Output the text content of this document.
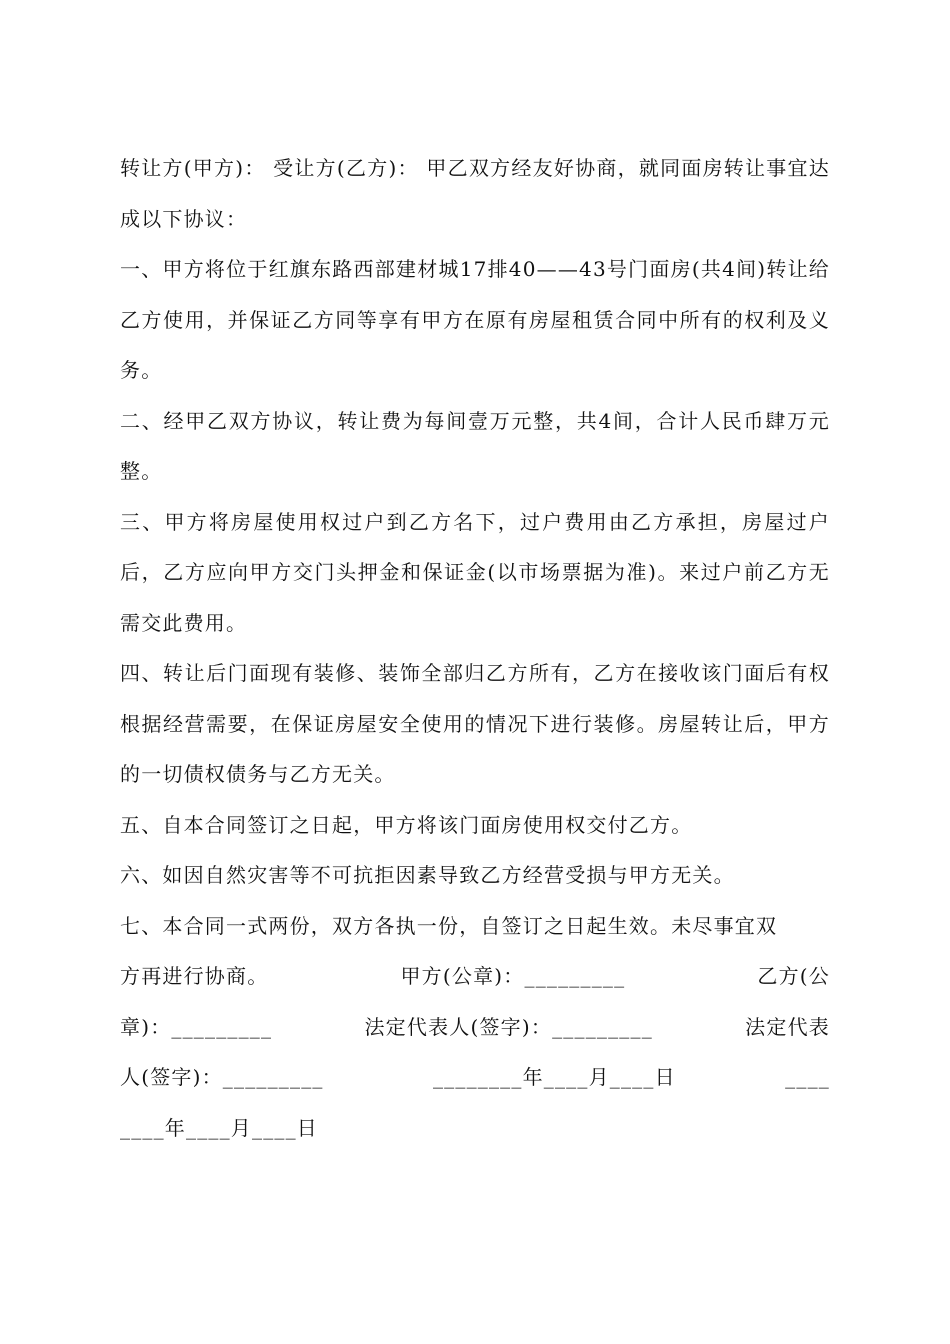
转让方(甲方)： 受让方(乙方)： 甲乙双方经友好协商，就同面房转让事宜达成以下协议：

一、甲方将位于红旗东路西部建材城17排40——43号门面房(共4间)转让给乙方使用，并保证乙方同等享有甲方在原有房屋租赁合同中所有的权利及义务。

二、经甲乙双方协议，转让费为每间壹万元整，共4间，合计人民币肆万元整。

三、甲方将房屋使用权过户到乙方名下，过户费用由乙方承担，房屋过户后，乙方应向甲方交门头押金和保证金(以市场票据为准)。来过户前乙方无需交此费用。

四、转让后门面现有装修、装饰全部归乙方所有，乙方在接收该门面后有权根据经营需要，在保证房屋安全使用的情况下进行装修。房屋转让后，甲方的一切债权债务与乙方无关。

五、自本合同签订之日起，甲方将该门面房使用权交付乙方。

六、如因自然灾害等不可抗拒因素导致乙方经营受损与甲方无关。

七、本合同一式两份，双方各执一份，自签订之日起生效。未尽事宜双

方再进行协商。	甲方(公章)：_________	乙方(公
章)：_________	法定代表人(签字)：_________	法定代表
人(签字)：_________	________年____月____日	____
____年____月____日
